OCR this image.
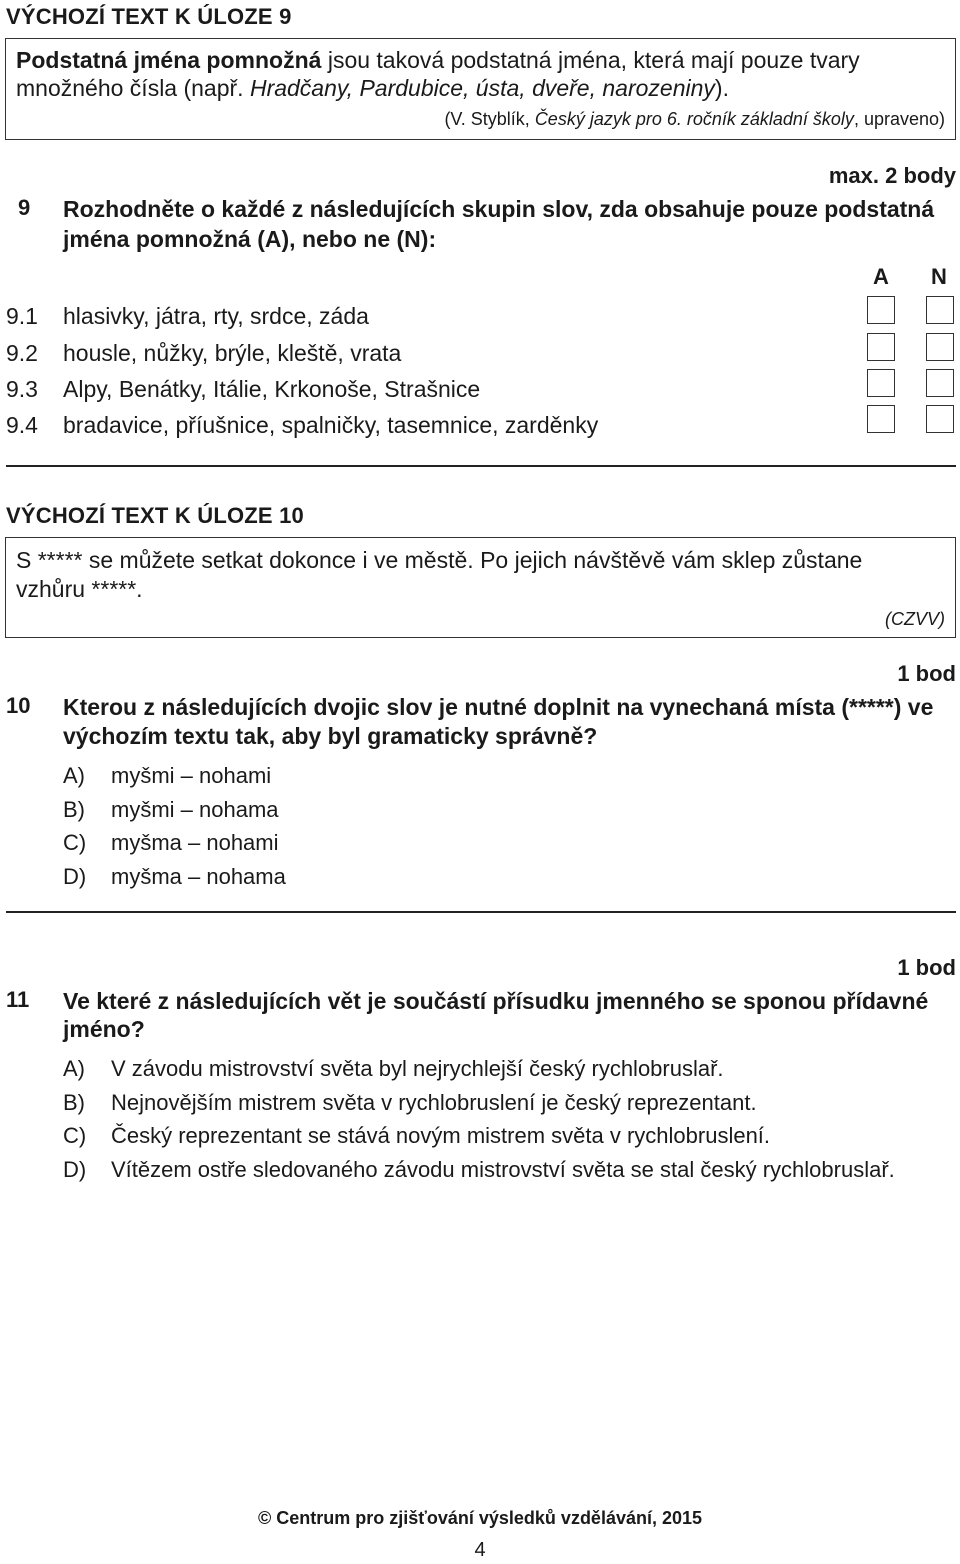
VÝCHOZÍ TEXT K ÚLOZE 9
Podstatná jména pomnožná jsou taková podstatná jména, která mají pouze tvary
množného čísla (např. Hradčany, Pardubice, ústa, dveře, narozeniny).
(V. Styblík, Český jazyk pro 6. ročník základní školy, upraveno)
max. 2 body
9 Rozhodněte o každé z následujících skupin slov, zda obsahuje pouze podstatná
jména pomnožná (A), nebo ne (N):
A N
9.1 hlasivky, játra, rty, srdce, záda
9.2 housle, nůžky, brýle, kleště, vrata
9.3 Alpy, Benátky, Itálie, Krkonoše, Strašnice
9.4 bradavice, příušnice, spalničky, tasemnice, zarděnky
VÝCHOZÍ TEXT K ÚLOZE 10
S ***** se můžete setkat dokonce i ve městě. Po jejich návštěvě vám sklep zůstane
vzhůru *****.
(CZVV)
1 bod
10 Kterou z následujících dvojic slov je nutné doplnit na vynechaná místa (*****) ve
výchozím textu tak, aby byl gramaticky správně?
A) myšmi – nohami
B) myšmi – nohama
C) myšma – nohami
D) myšma – nohama
1 bod
11 Ve které z následujících vět je součástí přísudku jmenného se sponou přídavné
jméno?
A) V závodu mistrovství světa byl nejrychlejší český rychlobruslař.
B) Nejnovějším mistrem světa v rychlobruslení je český reprezentant.
C) Český reprezentant se stává novým mistrem světa v rychlobruslení.
D) Vítězem ostře sledovaného závodu mistrovství světa se stal český rychlobruslař.
© Centrum pro zjišťování výsledků vzdělávání, 2015
4
